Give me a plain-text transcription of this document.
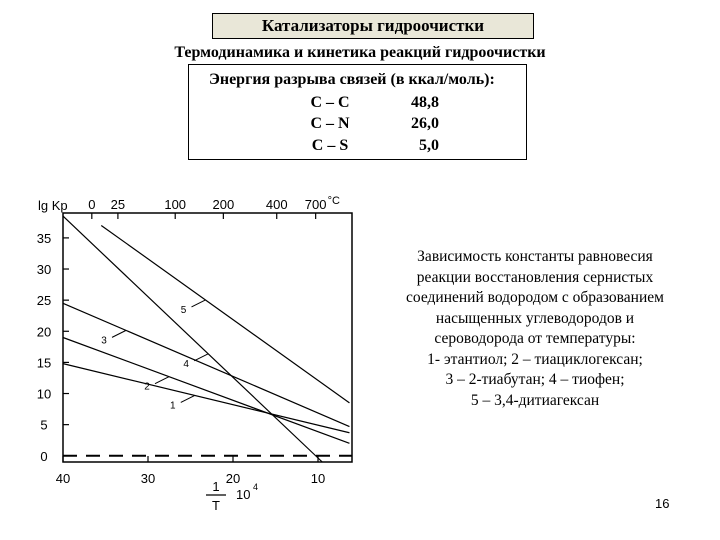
Катализаторы гидроочистки
Термодинамика и кинетика реакций гидроочистки
Энергия разрыва связей (в ккал/моль):
С – С	48,8
С – N	26,0
С – S	5,0
35
30
25
20
15
10
5
0
40	30	20	10
0 25	100 200 400 700
1
2
3
4
5
lg Kp	°C
1
T
10 4
Зависимость константы равновесия
реакции восстановления сернистых
соединений водородом с образованием
насыщенных углеводородов и
сероводорода от температуры:
1- этантиол; 2 – тиациклогексан;
3 – 2-тиабутан; 4 – тиофен;
5 – 3,4-дитиагексан
16
